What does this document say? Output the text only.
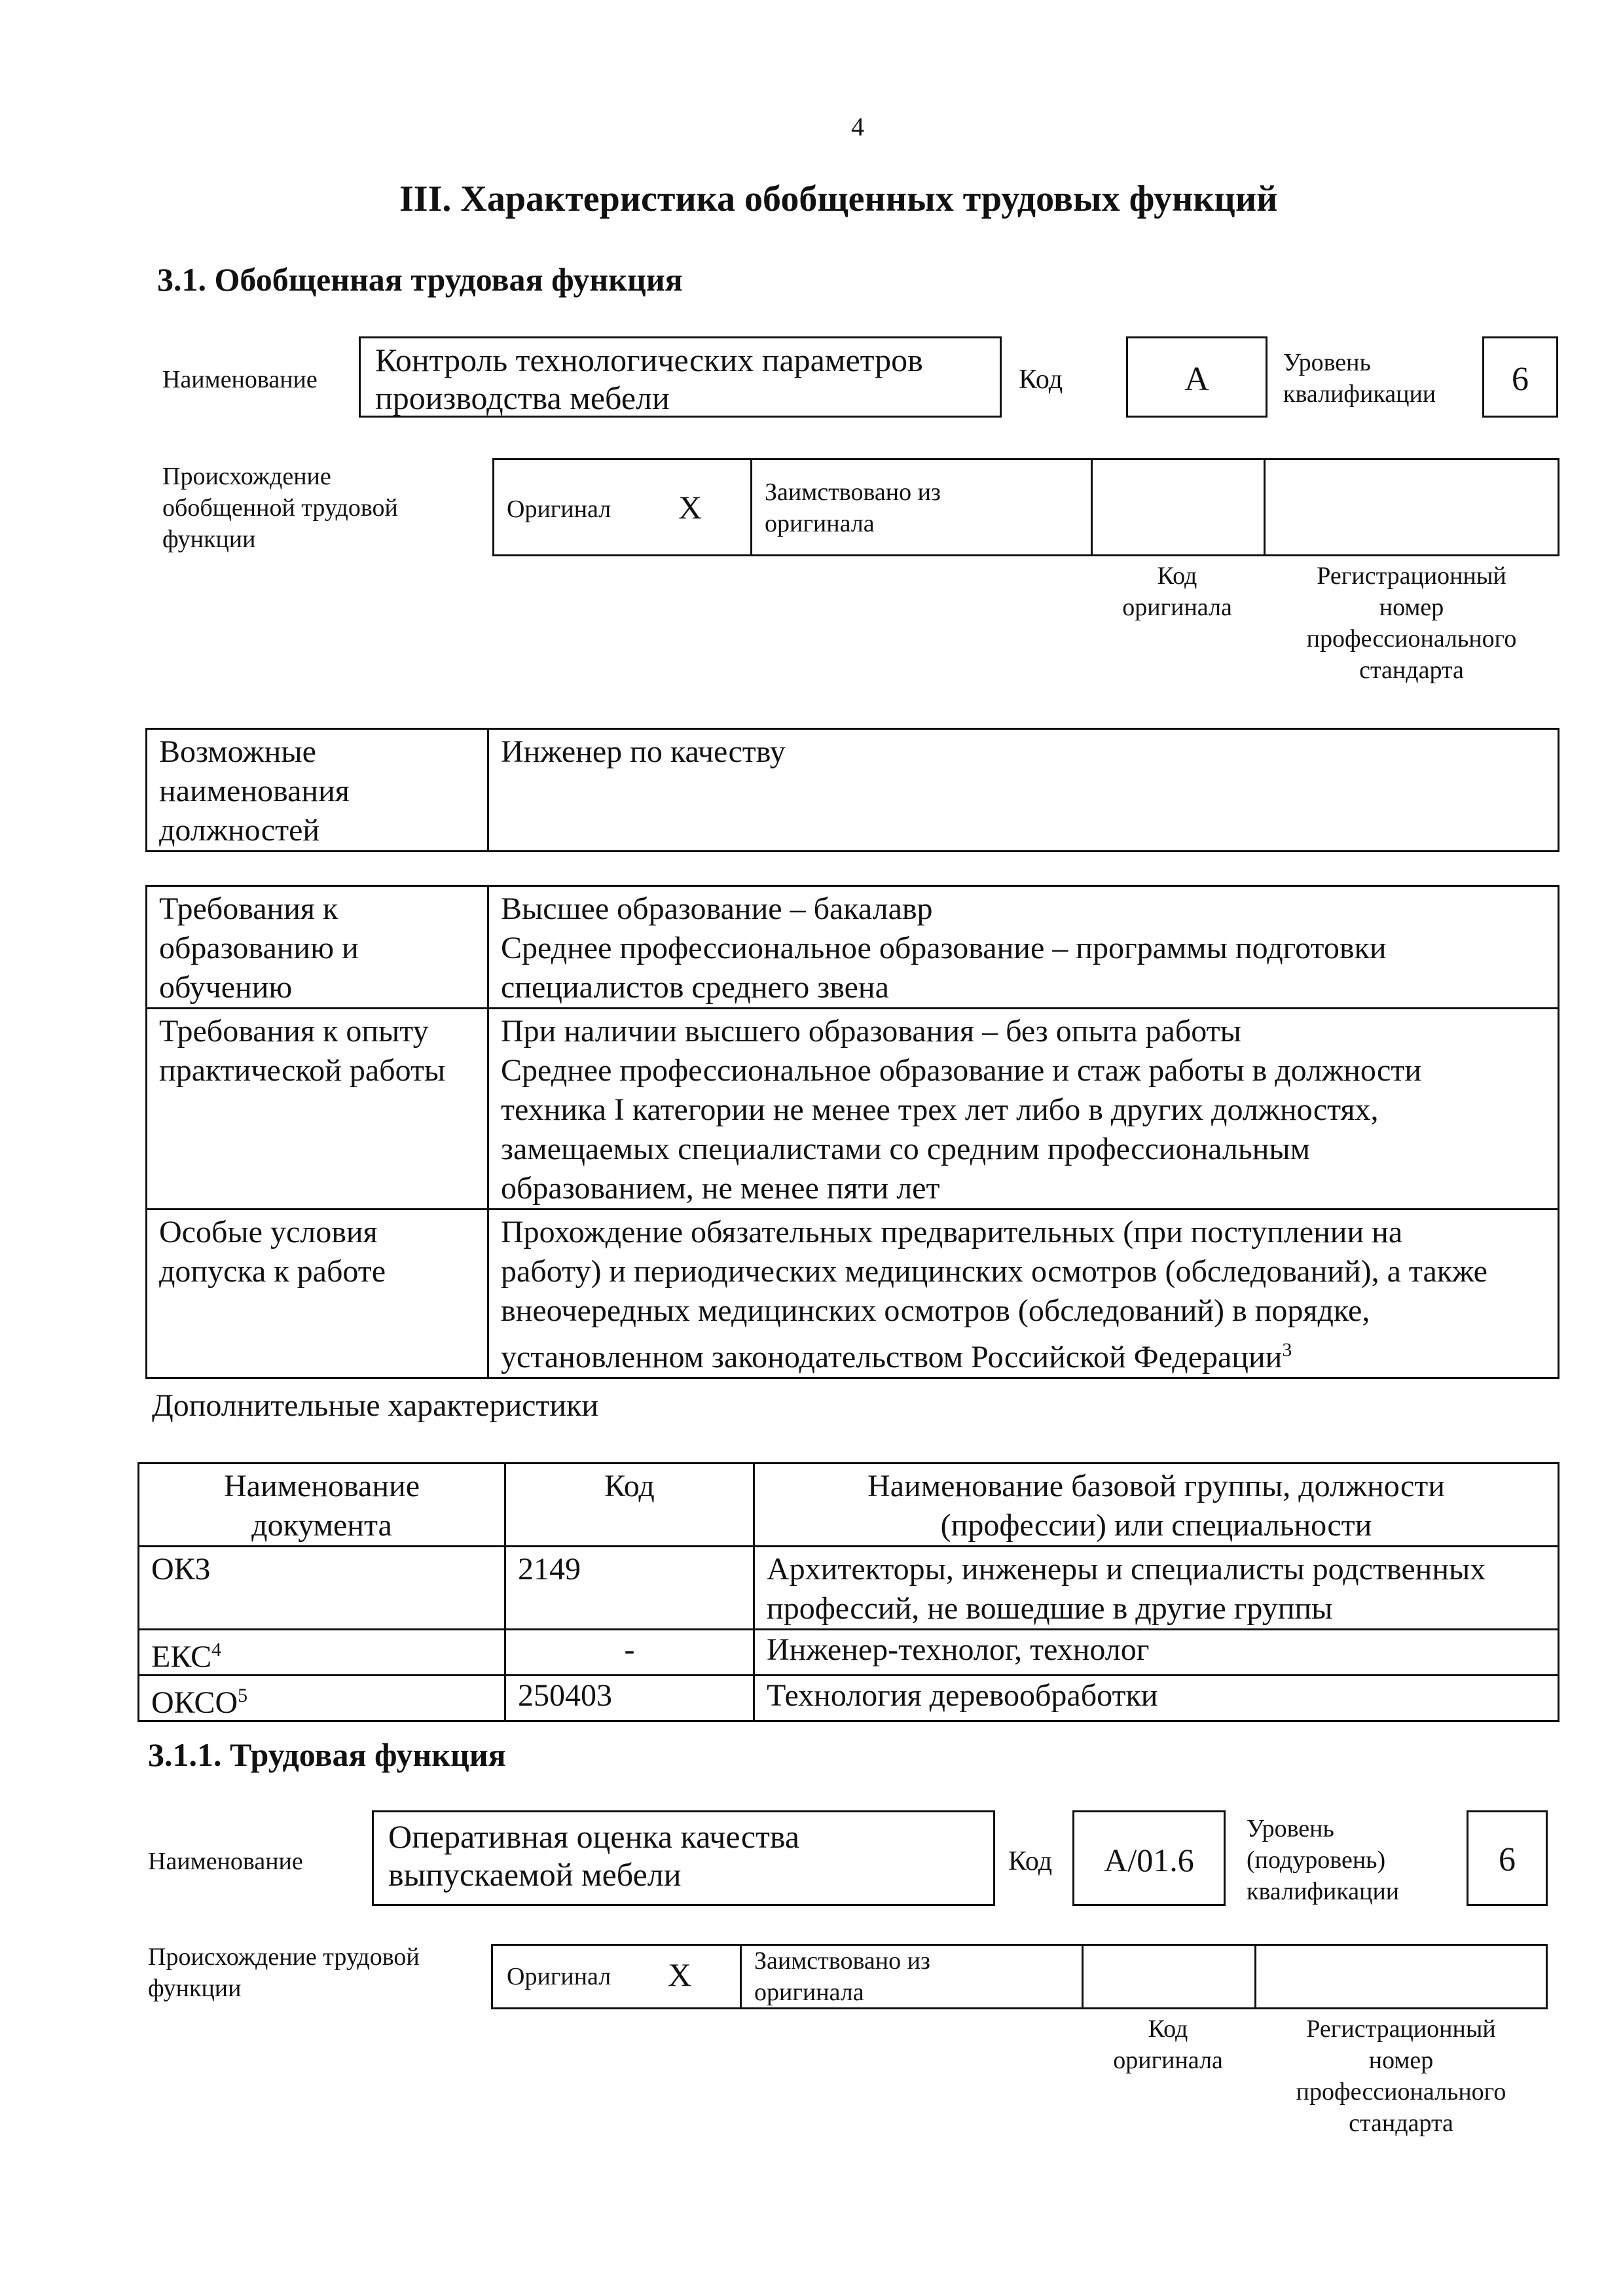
4
III. Характеристика обобщенных трудовых функций
3.1. Обобщенная трудовая функция
Наименование
Контроль технологических параметров
производства мебели	Код	А	Уровень
квалификации	6
Происхождение
обобщенной трудовой
функции
Оригинал Х	Заимствовано из
оригинала
Код
оригинала
Регистрационный
номер
профессионального
стандарта
Возможные
наименования
должностей	Инженер по качеству
Требования к
образованию и
обучению	Высшее образование – бакалавр
Среднее профессиональное образование – программы подготовки
специалистов среднего звена
Требования к опыту
практической работы	При наличии высшего образования – без опыта работы
Среднее профессиональное образование и стаж работы в должности
техника I категории не менее трех лет либо в других должностях,
замещаемых специалистами со средним профессиональным
образованием, не менее пяти лет
Особые условия
допуска к работе	Прохождение обязательных предварительных (при поступлении на
работу) и периодических медицинских осмотров (обследований), а также
внеочередных медицинских осмотров (обследований) в порядке,
установленном законодательством Российской Федерации$^3$
Дополнительные характеристики
Наименование
документа	Код	Наименование базовой группы, должности
(профессии) или специальности
ОКЗ	2149	Архитекторы, инженеры и специалисты родственных
профессий, не вошедшие в другие группы
ЕКС$^4$	-	Инженер-технолог, технолог
ОКСО$^5$	250403	Технология деревообработки
3.1.1. Трудовая функция
Наименование
Оперативная оценка качества
выпускаемой мебели	Код	А/01.6
Уровень
(подуровень)
квалификации
6
Происхождение трудовой
функции	Оригинал Х	Заимствовано из
оригинала
Код
оригинала
Регистрационный
номер
профессионального
стандарта
